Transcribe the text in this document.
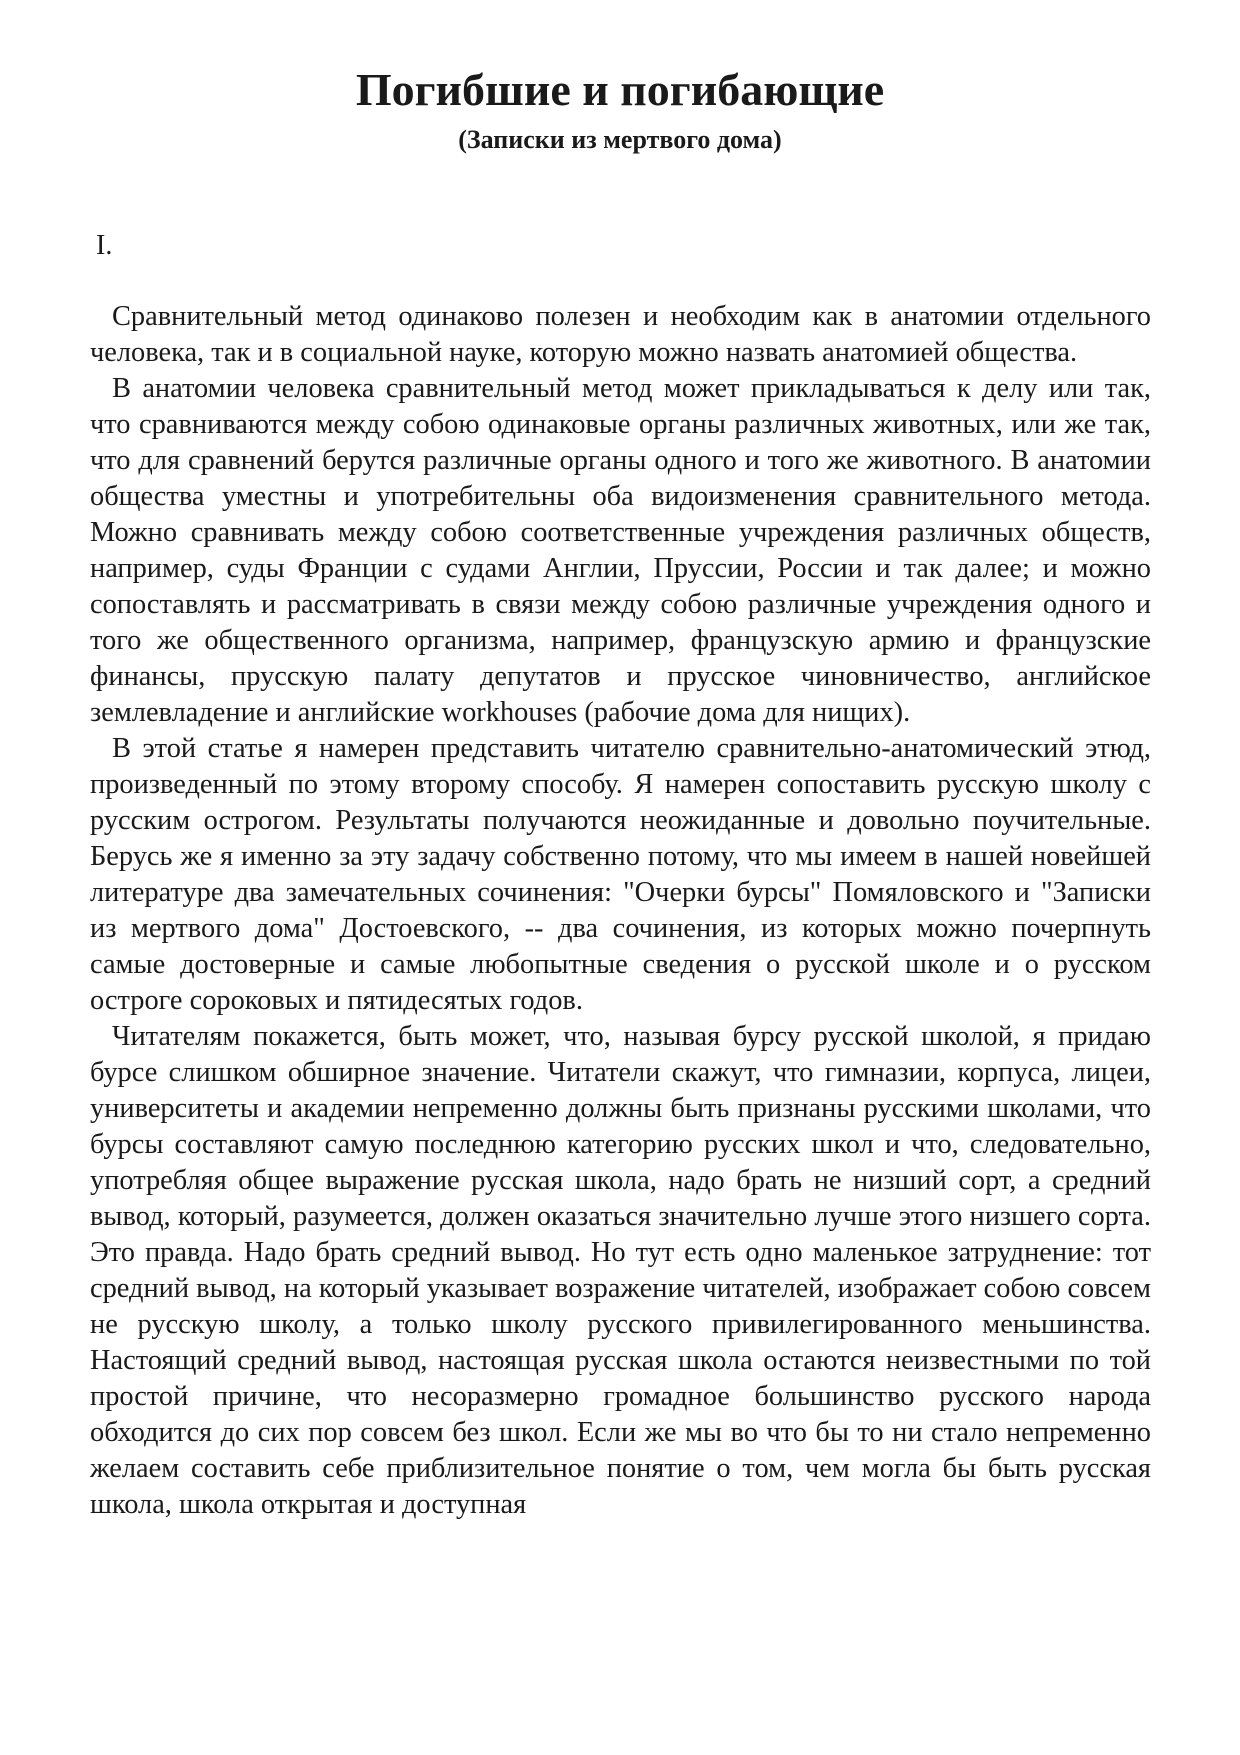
Погибшие и погибающие
(Записки из мертвого дома)
I.

Сравнительный метод одинаково полезен и необходим как в анатомии отдельного человека, так и в социальной науке, которую можно назвать анатомией общества.

В анатомии человека сравнительный метод может прикладываться к делу или так, что сравниваются между собою одинаковые органы различных животных, или же так, что для сравнений берутся различные органы одного и того же животного. В анатомии общества уместны и употребительны оба видоизменения сравнительного метода. Можно сравнивать между собою соответственные учреждения различных обществ, например, суды Франции с судами Англии, Пруссии, России и так далее; и можно сопоставлять и рассматривать в связи между собою различные учреждения одного и того же общественного организма, например, французскую армию и французские финансы, прусскую палату депутатов и прусское чиновничество, английское землевладение и английские workhouses (рабочие дома для нищих).

В этой статье я намерен представить читателю сравнительно-анатомический этюд, произведенный по этому второму способу. Я намерен сопоставить русскую школу с русским острогом. Результаты получаются неожиданные и довольно поучительные. Берусь же я именно за эту задачу собственно потому, что мы имеем в нашей новейшей литературе два замечательных сочинения: "Очерки бурсы" Помяловского и "Записки из мертвого дома" Достоевского, -- два сочинения, из которых можно почерпнуть самые достоверные и самые любопытные сведения о русской школе и о русском остроге сороковых и пятидесятых годов.

Читателям покажется, быть может, что, называя бурсу русской школой, я придаю бурсе слишком обширное значение. Читатели скажут, что гимназии, корпуса, лицеи, университеты и академии непременно должны быть признаны русскими школами, что бурсы составляют самую последнюю категорию русских школ и что, следовательно, употребляя общее выражение русская школа, надо брать не низший сорт, а средний вывод, который, разумеется, должен оказаться значительно лучше этого низшего сорта. Это правда. Надо брать средний вывод. Но тут есть одно маленькое затруднение: тот средний вывод, на который указывает возражение читателей, изображает собою совсем не русскую школу, а только школу русского привилегированного меньшинства. Настоящий средний вывод, настоящая русская школа остаются неизвестными по той простой причине, что несоразмерно громадное большинство русского народа обходится до сих пор совсем без школ. Если же мы во что бы то ни стало непременно желаем составить себе приблизительное понятие о том, чем могла бы быть русская школа, школа открытая и доступная
